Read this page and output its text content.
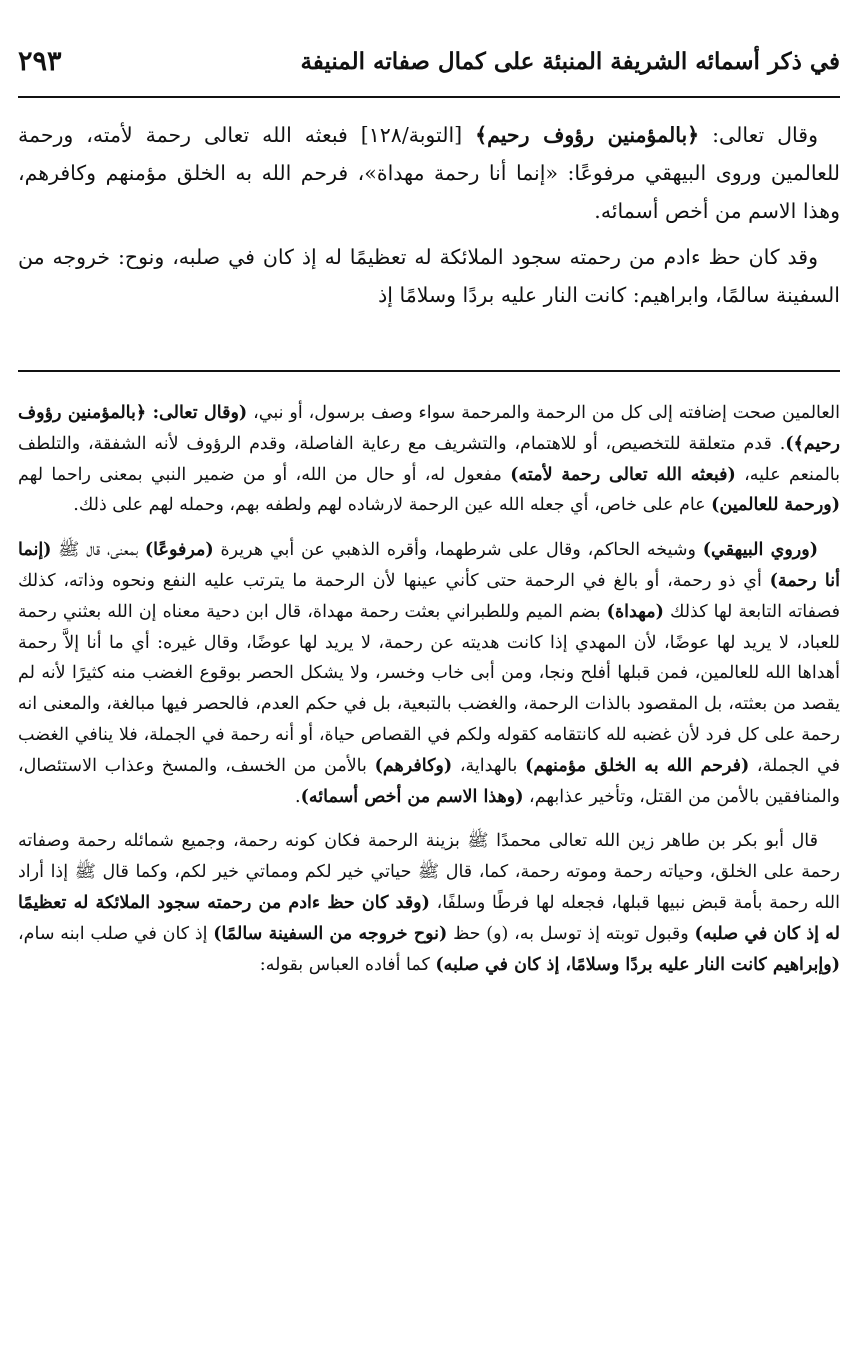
في ذكر أسمائه الشريفة المنبئة على كمال صفاته المنيفة
٢٩٣

وقال تعالى: ﴿بالمؤمنين رؤوف رحيم﴾ [التوبة/١٢٨] فبعثه الله تعالى رحمة لأمته، ورحمة للعالمين وروى البيهقي مرفوعًا: «إنما أنا رحمة مهداة»، فرحم الله به الخلق مؤمنهم وكافرهم، وهذا الاسم من أخص أسمائه.

وقد كان حظ ءادم من رحمته سجود الملائكة له تعظيمًا له إذ كان في صلبه، ونوح: خروجه من السفينة سالمًا، وابراهيم: كانت النار عليه بردًا وسلامًا إذ

العالمين صحت إضافته إلى كل من الرحمة والمرحمة سواء وصف برسول، أو نبي، (وقال تعالى: ﴿بالمؤمنين رؤوف رحيم﴾). قدم متعلقة للتخصيص، أو للاهتمام، والتشريف مع رعاية الفاصلة، وقدم الرؤوف لأنه الشفقة، والتلطف بالمنعم عليه، (فبعثه الله تعالى رحمة لأمته) مفعول له، أو حال من الله، أو من ضمير النبي بمعنى راحما لهم (ورحمة للعالمين) عام على خاص، أي جعله الله عين الرحمة لارشاده لهم ولطفه بهم، وحمله لهم على ذلك.

(وروي البيهقي) وشيخه الحاكم، وقال على شرطهما، وأقره الذهبي عن أبي هريرة (مرفوعًا) بمعنى، قال ﷺ (إنما أنا رحمة) أي ذو رحمة، أو بالغ في الرحمة حتى كأني عينها لأن الرحمة ما يترتب عليه النفع ونحوه وذاته، كذلك فصفاته التابعة لها كذلك (مهداة) بضم الميم وللطبراني بعثت رحمة مهداة، قال ابن دحية معناه إن الله بعثني رحمة للعباد، لا يريد لها عوضًا، لأن المهدي إذا كانت هديته عن رحمة، لا يريد لها عوضًا، وقال غيره: أي ما أنا إلاَّ رحمة أهداها الله للعالمين، فمن قبلها أفلح ونجا، ومن أبى خاب وخسر، ولا يشكل الحصر بوقوع الغضب منه كثيرًا لأنه لم يقصد من بعثته، بل المقصود بالذات الرحمة، والغضب بالتبعية، بل في حكم العدم، فالحصر فيها مبالغة، والمعنى انه رحمة على كل فرد لأن غضبه لله كانتقامه كقوله ولكم في القصاص حياة، أو أنه رحمة في الجملة، فلا ينافي الغضب في الجملة، (فرحم الله به الخلق مؤمنهم) بالهداية، (وكافرهم) بالأمن من الخسف، والمسخ وعذاب الاستئصال، والمنافقين بالأمن من القتل، وتأخير عذابهم، (وهذا الاسم من أخص أسمائه).

قال أبو بكر بن طاهر زين الله تعالى محمدًا ﷺ بزينة الرحمة فكان كونه رحمة، وجميع شمائله رحمة وصفاته رحمة على الخلق، وحياته رحمة وموته رحمة، كما، قال ﷺ حياتي خير لكم ومماتي خير لكم، وكما قال ﷺ إذا أراد الله رحمة بأمة قبض نبيها قبلها، فجعله لها فرطًا وسلفًا، (وقد كان حظ ءادم من رحمته سجود الملائكة له تعظيمًا له إذ كان في صلبه) وقبول توبته إذ توسل به، (و) حظ (نوح خروجه من السفينة سالمًا) إذ كان في صلب ابنه سام، (وإبراهيم كانت النار عليه بردًا وسلامًا، إذ كان في صلبه) كما أفاده العباس بقوله:
